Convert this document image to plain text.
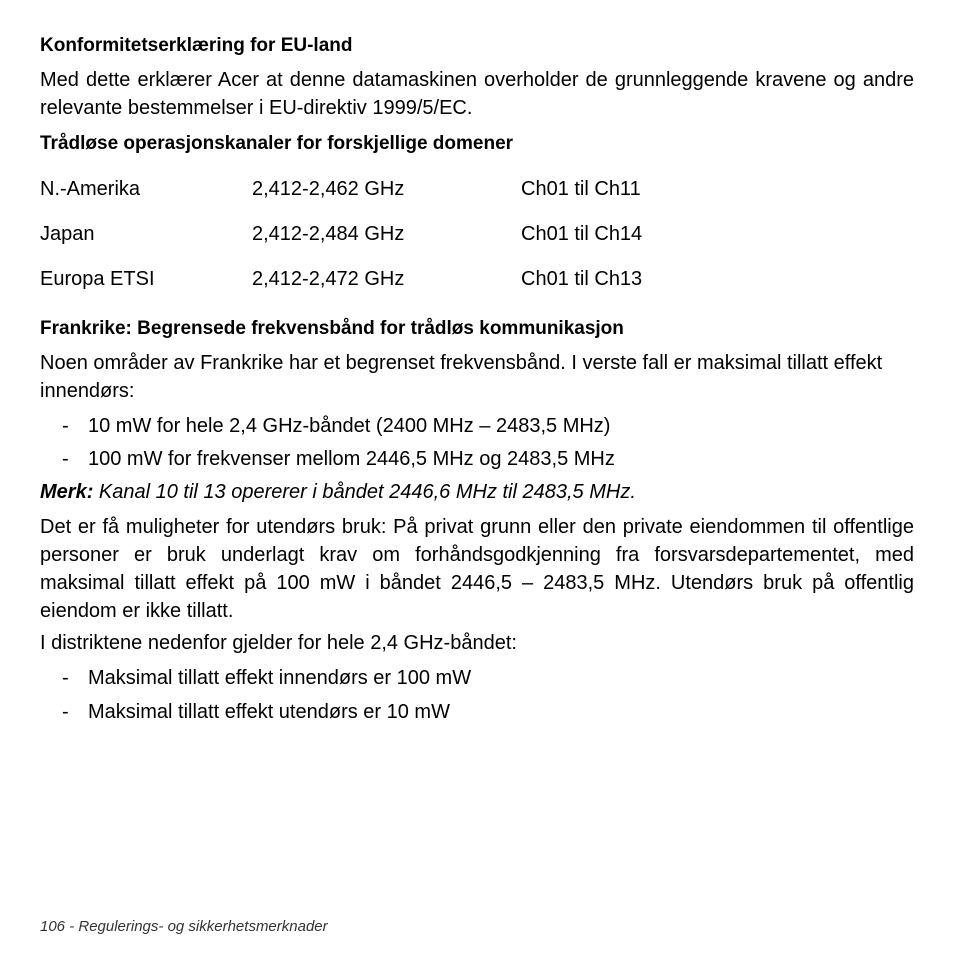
Konformitetserklæring for EU-land

Med dette erklærer Acer at denne datamaskinen overholder de grunnleggende kravene og andre relevante bestemmelser i EU-direktiv 1999/5/EC.

Trådløse operasjonskanaler for forskjellige domener
N.-Amerika	2,412-2,462 GHz	Ch01 til Ch11
Japan	2,412-2,484 GHz	Ch01 til Ch14
Europa ETSI	2,412-2,472 GHz	Ch01 til Ch13
Frankrike: Begrensede frekvensbånd for trådløs kommunikasjon

Noen områder av Frankrike har et begrenset frekvensbånd. I verste fall er maksimal tillatt effekt innendørs:

- 10 mW for hele 2,4 GHz-båndet (2400 MHz – 2483,5 MHz)
- 100 mW for frekvenser mellom 2446,5 MHz og 2483,5 MHz

Merk: Kanal 10 til 13 opererer i båndet 2446,6 MHz til 2483,5 MHz.

Det er få muligheter for utendørs bruk: På privat grunn eller den private eiendommen til offentlige personer er bruk underlagt krav om forhåndsgodkjenning fra forsvarsdepartementet, med maksimal tillatt effekt på 100 mW i båndet 2446,5 – 2483,5 MHz. Utendørs bruk på offentlig eiendom er ikke tillatt.

I distriktene nedenfor gjelder for hele 2,4 GHz-båndet:

- Maksimal tillatt effekt innendørs er 100 mW
- Maksimal tillatt effekt utendørs er 10 mW
106 - Regulerings- og sikkerhetsmerknader
